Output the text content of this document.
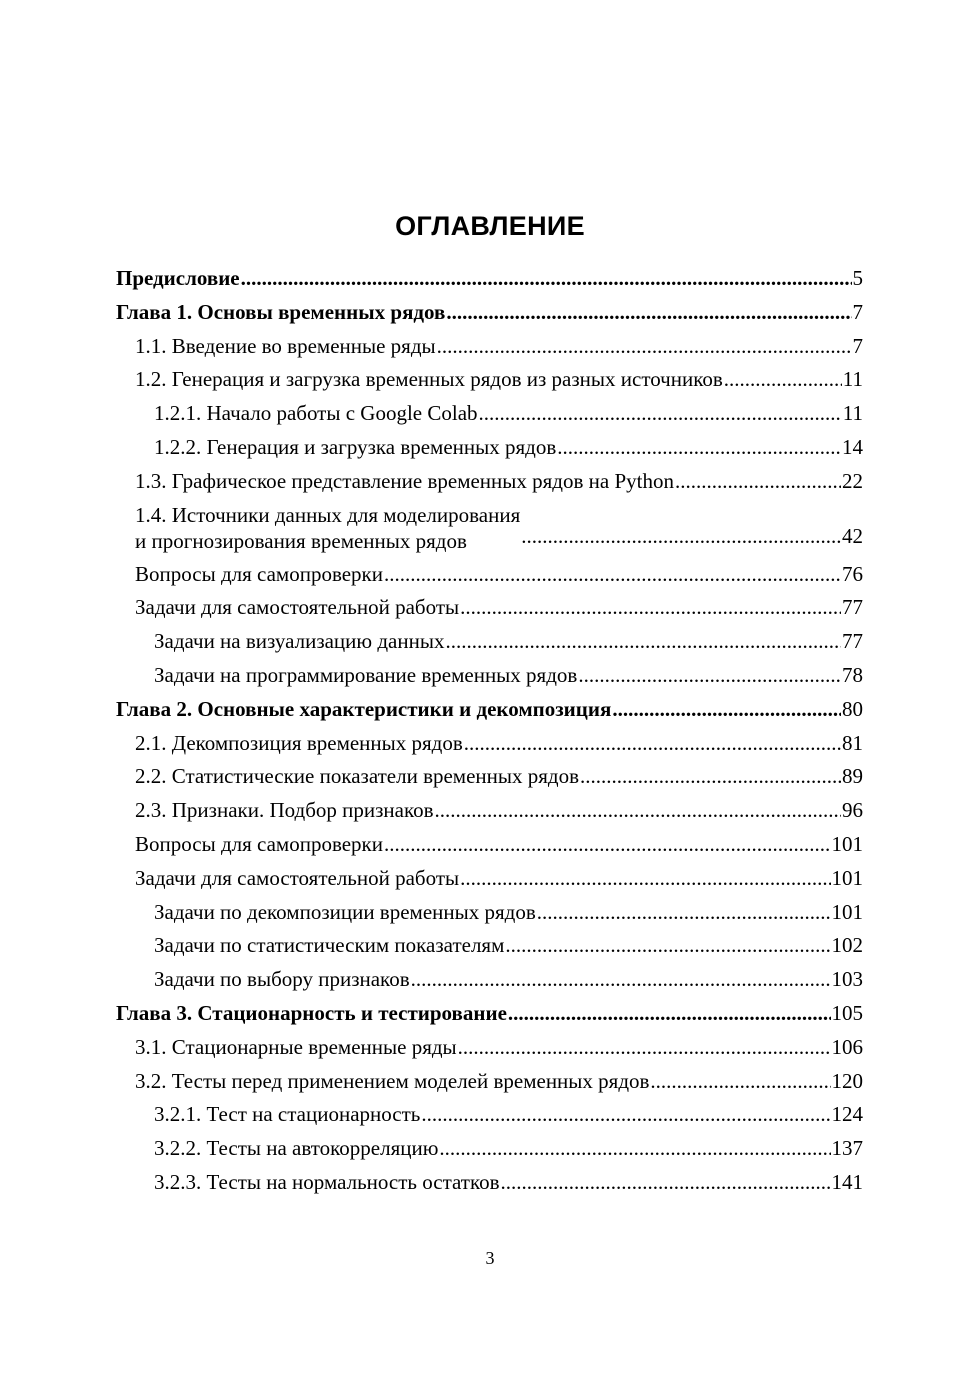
ОГЛАВЛЕНИЕ
Предисловие .....	5
Глава 1. Основы временных рядов .....	7
1.1. Введение во временные ряды .....	7
1.2. Генерация и загрузка временных рядов из разных источников .....	11
1.2.1. Начало работы с Google Colab .....	11
1.2.2. Генерация и загрузка временных рядов .....	14
1.3. Графическое представление временных рядов на Python .....	22
1.4. Источники данных для моделирования
и прогнозирования временных рядов .....	42
Вопросы для самопроверки .....	76
Задачи для самостоятельной работы .....	77
Задачи на визуализацию данных .....	77
Задачи на программирование временных рядов .....	78
Глава 2. Основные характеристики и декомпозиция .....	80
2.1. Декомпозиция временных рядов .....	81
2.2. Статистические показатели временных рядов .....	89
2.3. Признаки. Подбор признаков .....	96
Вопросы для самопроверки .....	101
Задачи для самостоятельной работы .....	101
Задачи по декомпозиции временных рядов .....	101
Задачи по статистическим показателям .....	102
Задачи по выбору признаков .....	103
Глава 3. Стационарность и тестирование .....	105
3.1. Стационарные временные ряды .....	106
3.2. Тесты перед применением моделей временных рядов .....	120
3.2.1. Тест на стационарность .....	124
3.2.2. Тесты на автокорреляцию .....	137
3.2.3. Тесты на нормальность остатков .....	141
3
